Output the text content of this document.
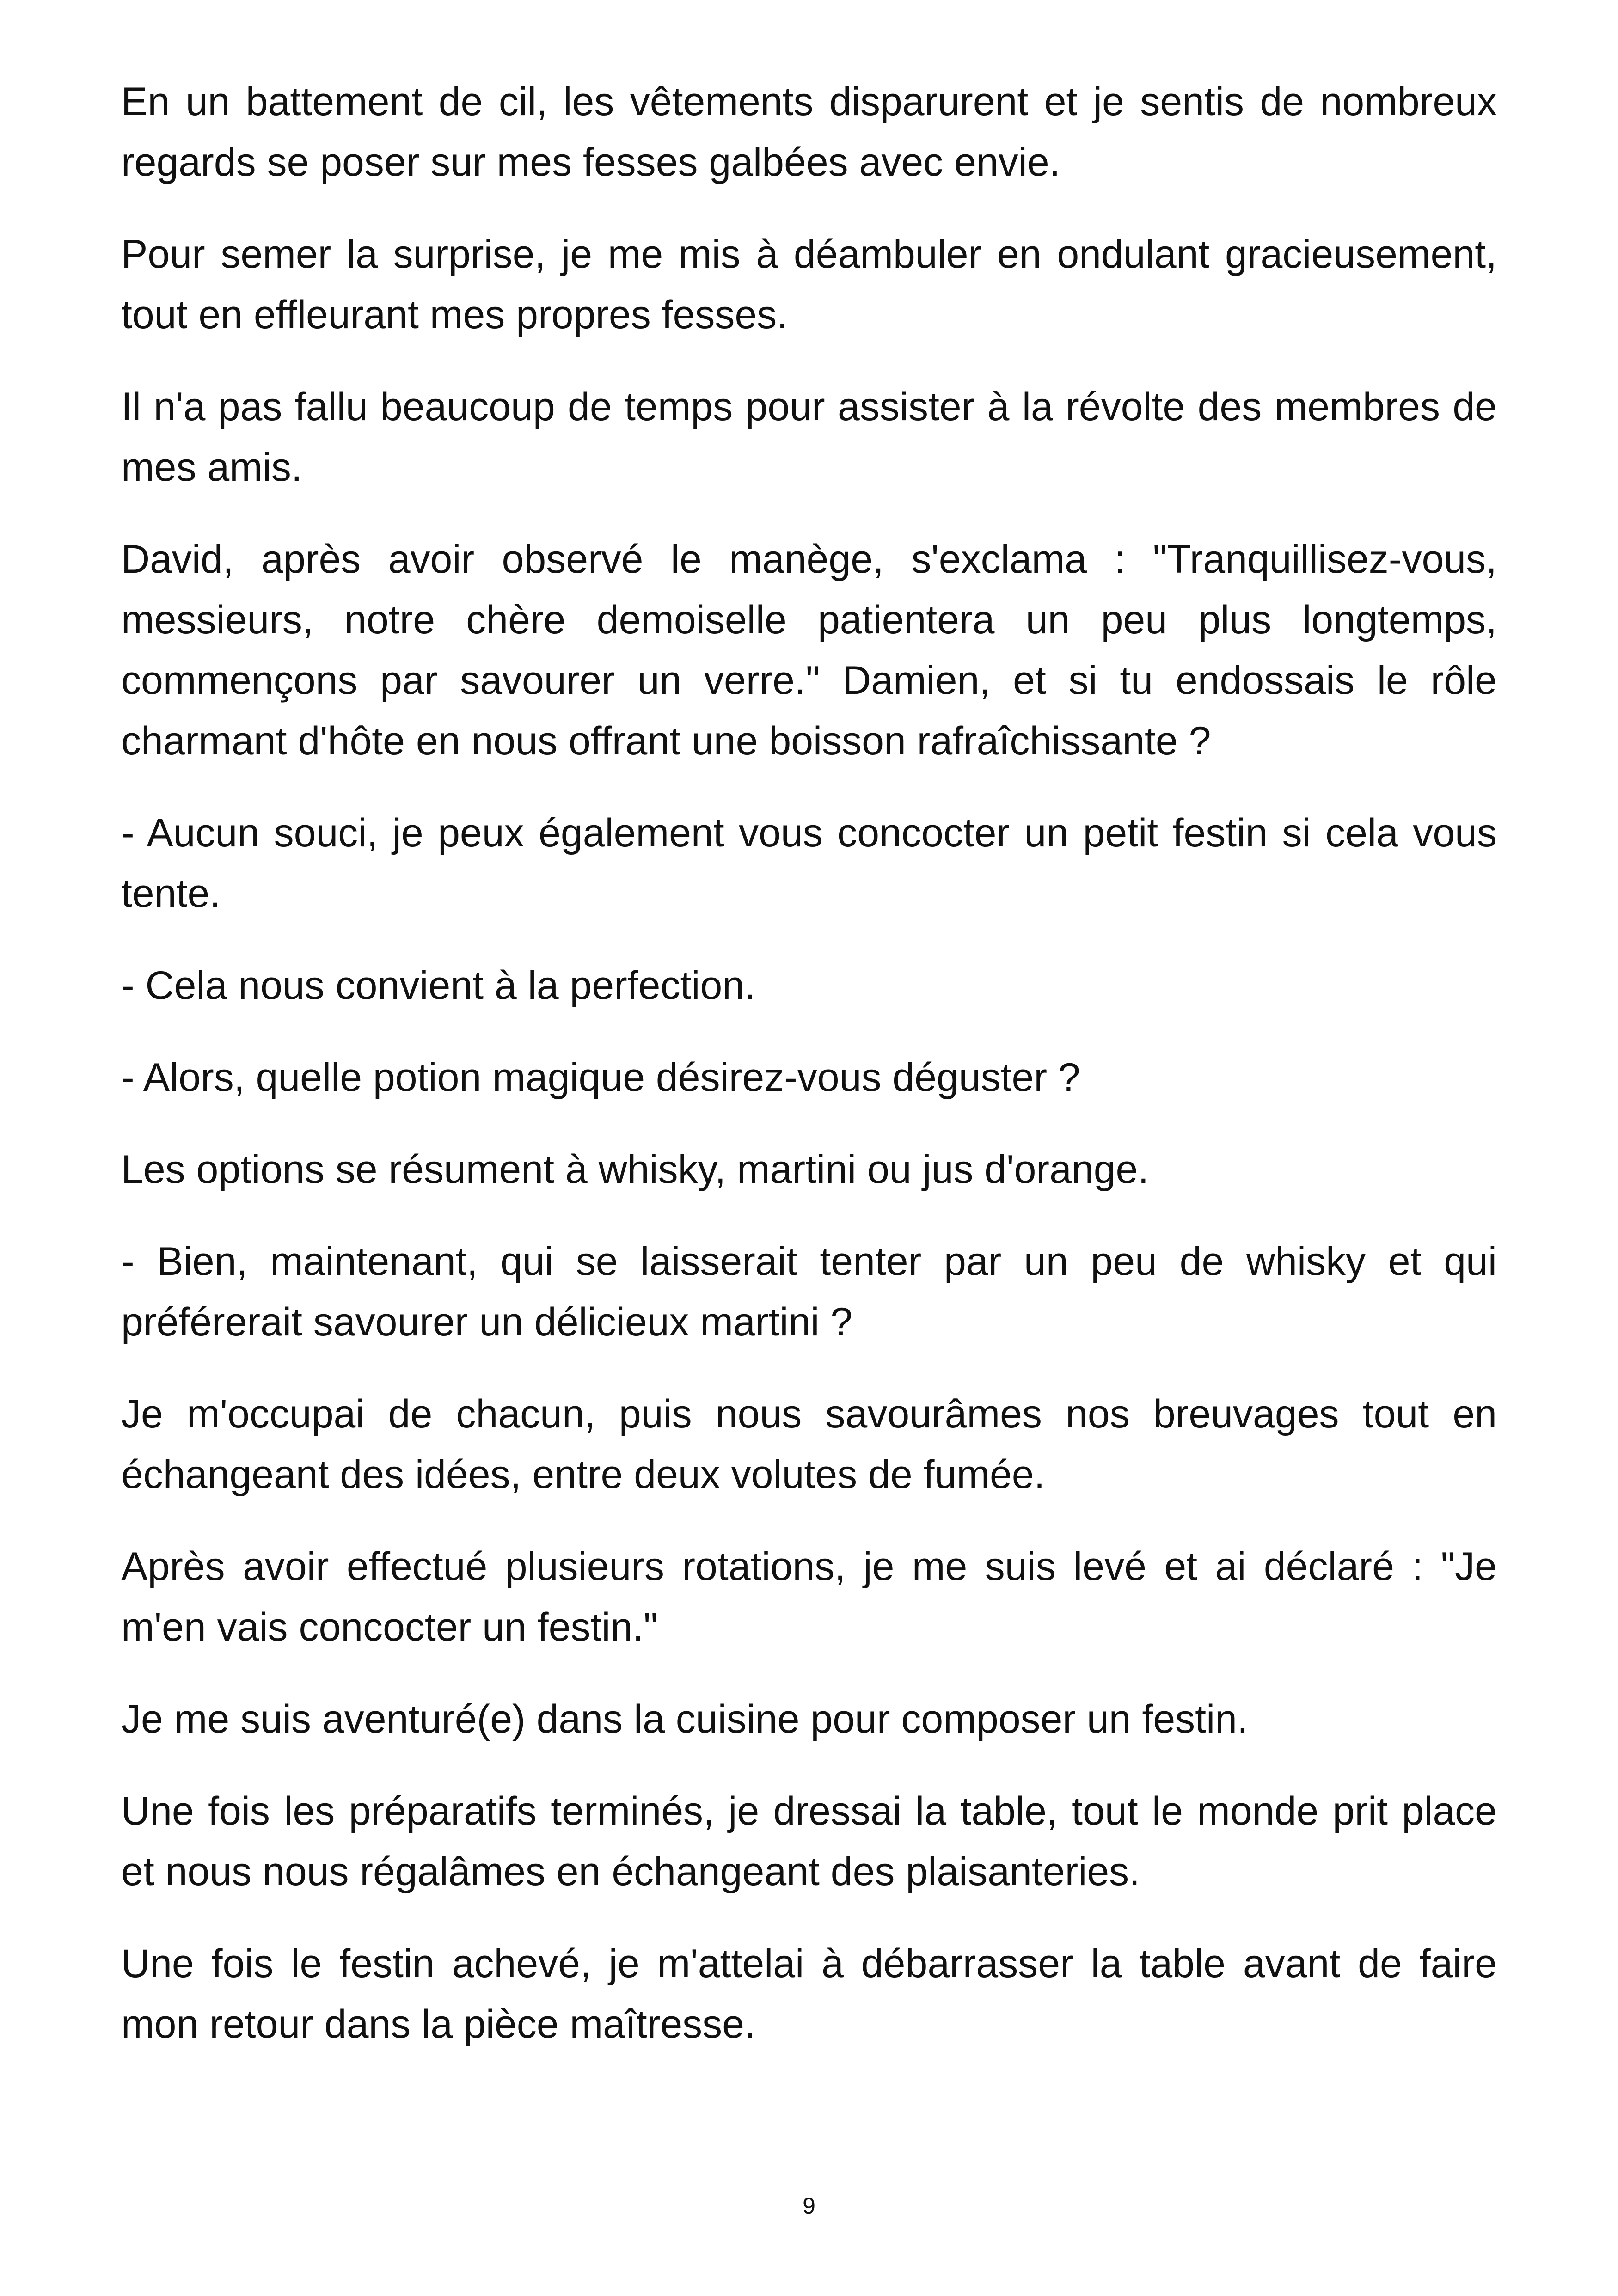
En un battement de cil, les vêtements disparurent et je sentis de nombreux regards se poser sur mes fesses galbées avec envie.

Pour semer la surprise, je me mis à déambuler en ondulant gracieusement, tout en effleurant mes propres fesses.

Il n'a pas fallu beaucoup de temps pour assister à la révolte des membres de mes amis.

David, après avoir observé le manège, s'exclama : "Tranquillisez-vous, messieurs, notre chère demoiselle patientera un peu plus longtemps, commençons par savourer un verre." Damien, et si tu endossais le rôle charmant d'hôte en nous offrant une boisson rafraîchissante ?

- Aucun souci, je peux également vous concocter un petit festin si cela vous tente.

- Cela nous convient à la perfection.

- Alors, quelle potion magique désirez-vous déguster ?

Les options se résument à whisky, martini ou jus d'orange.

- Bien, maintenant, qui se laisserait tenter par un peu de whisky et qui préférerait savourer un délicieux martini ?

Je m'occupai de chacun, puis nous savourâmes nos breuvages tout en échangeant des idées, entre deux volutes de fumée.

Après avoir effectué plusieurs rotations, je me suis levé et ai déclaré : "Je m'en vais concocter un festin."

Je me suis aventuré(e) dans la cuisine pour composer un festin.

Une fois les préparatifs terminés, je dressai la table, tout le monde prit place et nous nous régalâmes en échangeant des plaisanteries.

Une fois le festin achevé, je m'attelai à débarrasser la table avant de faire mon retour dans la pièce maîtresse.

9
